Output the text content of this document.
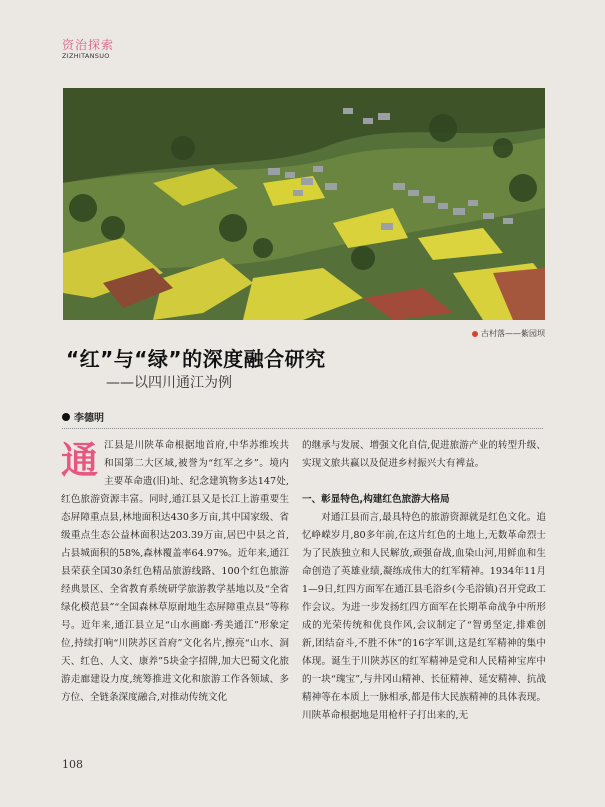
资治探索
ZIZHITANSUO
古村落——紫园坝
“红”与“绿”的深度融合研究
——以四川通江为例
李德明
通 江县是川陕革命根据地首府,中华苏维埃共和国第二大区域,被誉为“红军之乡”。境内主要革命遗(旧)址、纪念建筑物多达147处,红色旅游资源丰富。同时,通江县又是长江上游重要生态屏障重点县,林地面积达430多万亩,其中国家级、省级重点生态公益林面积达203.39万亩,居巴中县之首,占县城面积的58%,森林覆盖率64.97%。近年来,通江县荣获全国30条红色精品旅游线路、100个红色旅游经典景区、全省教育系统研学旅游教学基地以及“全省绿化模范县”“全国森林草原耐地生态屏障重点县”等称号。近年来,通江县立足“山水画廊·秀美通江”形象定位,持续打响“川陕苏区首府”文化名片,擦亮“山水、洞天、红色、人文、康养”5块金字招牌,加大巴蜀文化旅游走廊建设力度,统筹推进文化和旅游工作各领域、多方位、全链条深度融合,对推动传统文化

的继承与发展、增强文化自信,促进旅游产业的转型升级、实现文旅共赢以及促进乡村振兴大有裨益。

一、彰显特色,构建红色旅游大格局

对通江县而言,最具特色的旅游资源就是红色文化。追忆峥嵘岁月,80多年前,在这片红色的土地上,无数革命烈士为了民族独立和人民解放,顽强奋战,血染山河,用鲜血和生命创造了英雄业绩,凝练成伟大的红军精神。1934年11月1—9日,红四方面军在通江县毛浴乡(今毛浴镇)召开党政工作会议。为进一步发扬红四方面军在长期革命战争中所形成的光荣传统和优良作风,会议制定了“智勇坚定,排难创新,团结奋斗,不胜不休”的16字军训,这是红军精神的集中体现。诞生于川陕苏区的红军精神是党和人民精神宝库中的一块“瑰宝”,与井冈山精神、长征精神、延安精神、抗战精神等在本质上一脉相承,都是伟大民族精神的具体表现。川陕革命根据地是用枪杆子打出来的,无

108
